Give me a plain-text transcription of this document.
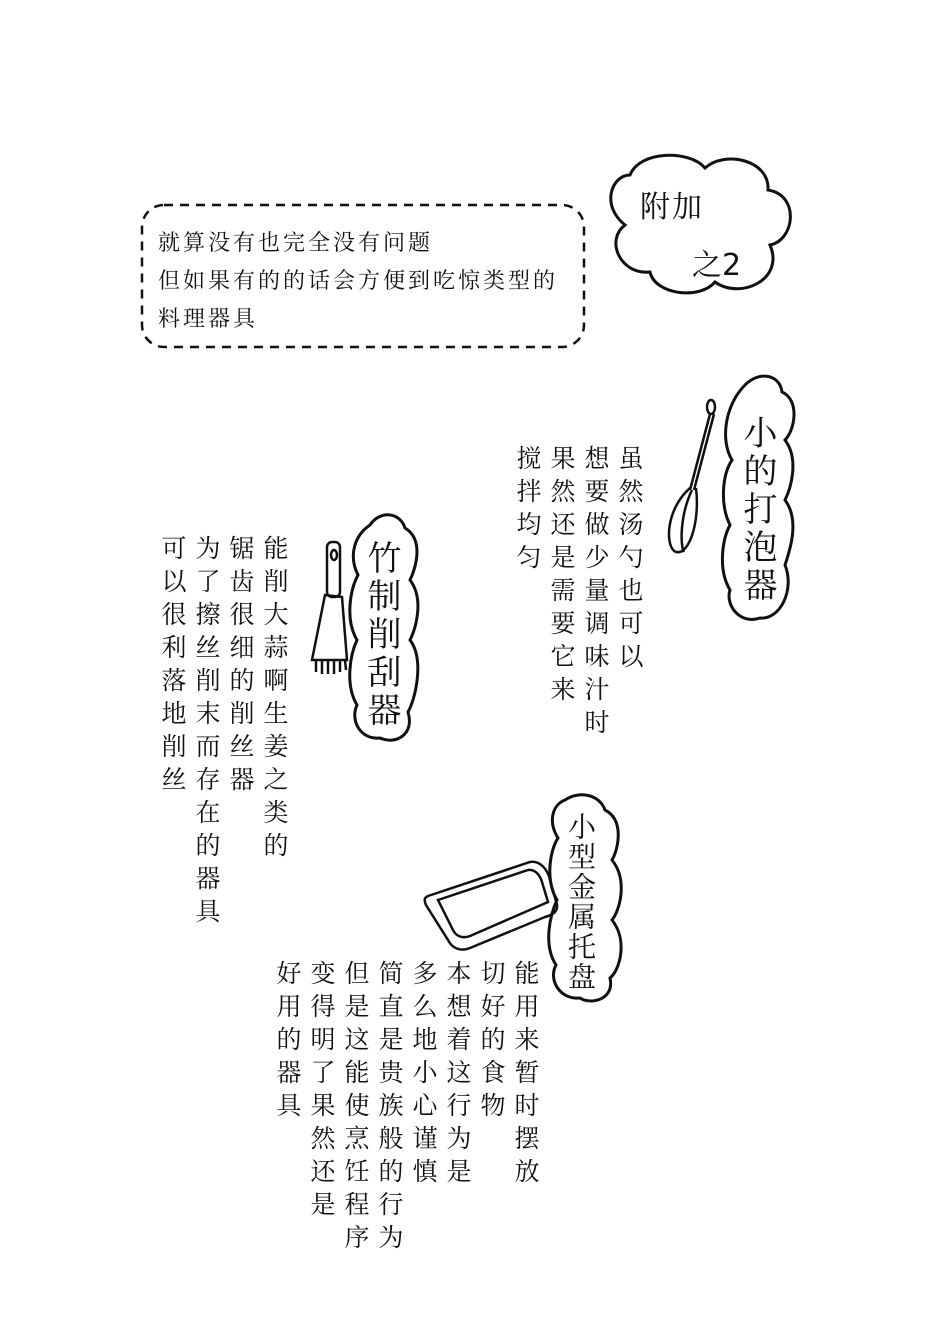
就算没有也完全没有问题
但如果有的的话会方便到吃惊类型的
料理器具
附加
之2
小的打泡器
虽然汤勺也可以
想要做少量调味汁时
果然还是需要它来
搅拌均匀
竹制削刮器
能削大蒜啊生姜之类的
锯齿很细的削丝器
为了擦丝削末而存在的器具
可以很利落地削丝
小型金属托盘
能用来暂时摆放
切好的食物
本想着这行为是
多么地小心谨慎
简直是贵族般的行为
但是这能使烹饪程序
变得明了果然还是
好用的器具
